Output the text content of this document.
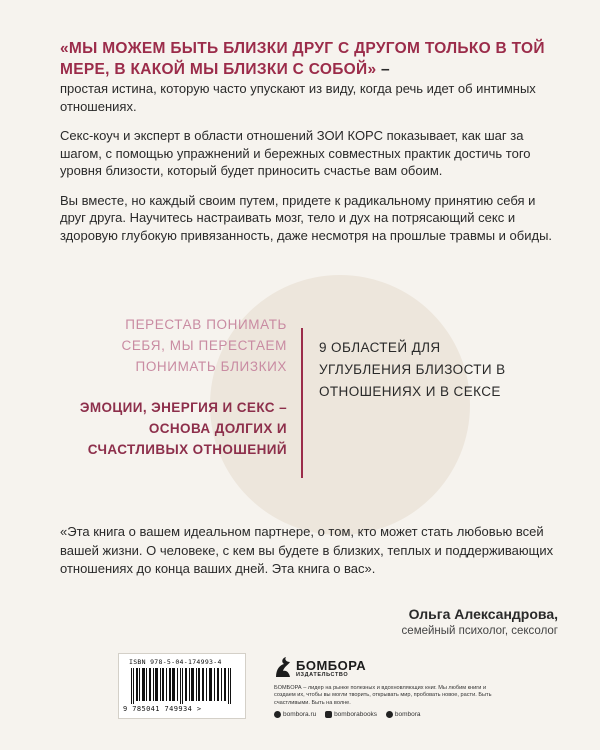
«МЫ МОЖЕМ БЫТЬ БЛИЗКИ ДРУГ С ДРУГОМ ТОЛЬКО В ТОЙ МЕРЕ, В КАКОЙ МЫ БЛИЗКИ С СОБОЙ» –

простая истина, которую часто упускают из виду, когда речь идет об интимных отношениях.

Секс-коуч и эксперт в области отношений ЗОИ КОРС показывает, как шаг за шагом, с помощью упражнений и бережных совместных практик достичь того уровня близости, который будет приносить счастье вам обоим.

Вы вместе, но каждый своим путем, придете к радикальному принятию себя и друг друга. Научитесь настраивать мозг, тело и дух на потрясающий секс и здоровую глубокую привязанность, даже несмотря на прошлые травмы и обиды.

ПЕРЕСТАВ ПОНИМАТЬ СЕБЯ, МЫ ПЕРЕСТАЕМ ПОНИМАТЬ БЛИЗКИХ
ЭМОЦИИ, ЭНЕРГИЯ И СЕКС – ОСНОВА ДОЛГИХ И СЧАСТЛИВЫХ ОТНОШЕНИЙ
9 ОБЛАСТЕЙ ДЛЯ УГЛУБЛЕНИЯ БЛИЗОСТИ В ОТНОШЕНИЯХ И В СЕКСЕ

«Эта книга о вашем идеальном партнере, о том, кто может стать любовью всей вашей жизни. О человеке, с кем вы будете в близких, теплых и поддерживающих отношениях до конца ваших дней. Эта книга о вас».

Ольга Александрова,
семейный психолог, сексолог
ISBN 978-5-04-174993-4
9 785041 749934 >
БОМБОРА
ИЗДАТЕЛЬСТВО

БОМБОРА – лидер на рынке полезных и вдохновляющих книг. Мы любим книги и создаем их, чтобы вы могли творить, открывать мир, пробовать новое, расти. Быть счастливыми. Быть на волне.

bombora.ru	bomborabooks	bombora
